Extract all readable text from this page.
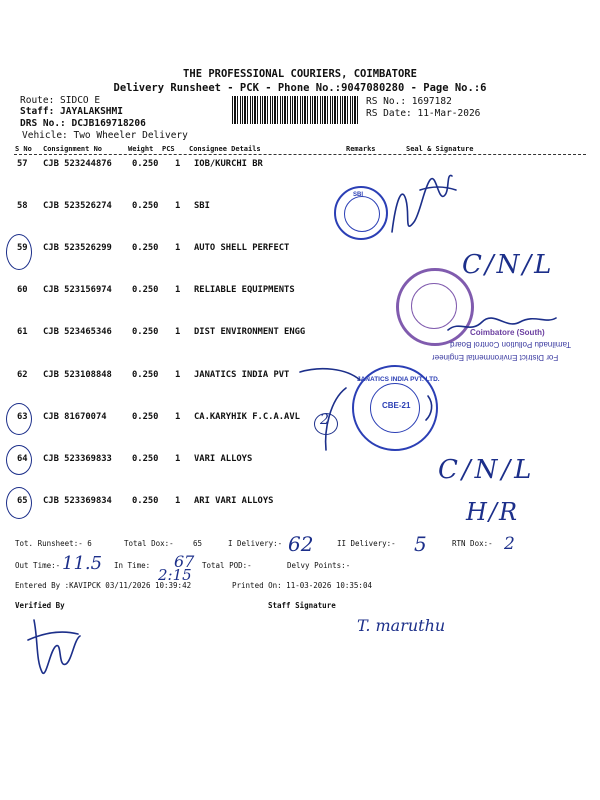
THE PROFESSIONAL COURIERS, COIMBATORE
Delivery Runsheet - PCK - Phone No.:9047080280 - Page No.:6
Route: SIDCO E
Staff: JAYALAKSHMI
DRS No.: DCJB169718206
Vehicle: Two Wheeler Delivery
RS No.: 1697182
RS Date: 11-Mar-2026
S No Consignment No	Weight PCS Consignee Details	Remarks	Seal & Signature
57 CJB 523244876 0.250 1 IOB/KURCHI BR
58 CJB 523526274 0.250 1 SBI
59 CJB 523526299 0.250 1 AUTO SHELL PERFECT
60 CJB 523156974 0.250 1 RELIABLE EQUIPMENTS
61 CJB 523465346 0.250 1 DIST ENVIRONMENT ENGG
62 CJB 523108848 0.250 1 JANATICS INDIA PVT
63 CJB 81670074	0.250 1 CA.KARYHIK F.C.A.AVL
64 CJB 523369833 0.250 1 VARI ALLOYS
65 CJB 523369834 0.250 1 ARI VARI ALLOYS
C/N/L
C/N/L
H/R
2
SBI
Coimbatore (South)
Tamilnadu Pollution Control Board
For District Environmental Engineer
JANATICS INDIA PVT. LTD.
CBE-21
Tot. Runsheet:- 6	Total Dox:-	65	I Delivery:- 62	II Delivery:- 5	RTN Dox:- 2
Out Time:- 11.5 In Time: 67
2:15
Total POD:-	Delvy Points:-
Entered By :KAVIPCK 03/11/2026 10:39:42	Printed On: 11-03-2026 10:35:04
Verified By	Staff Signature
T. maruthu
